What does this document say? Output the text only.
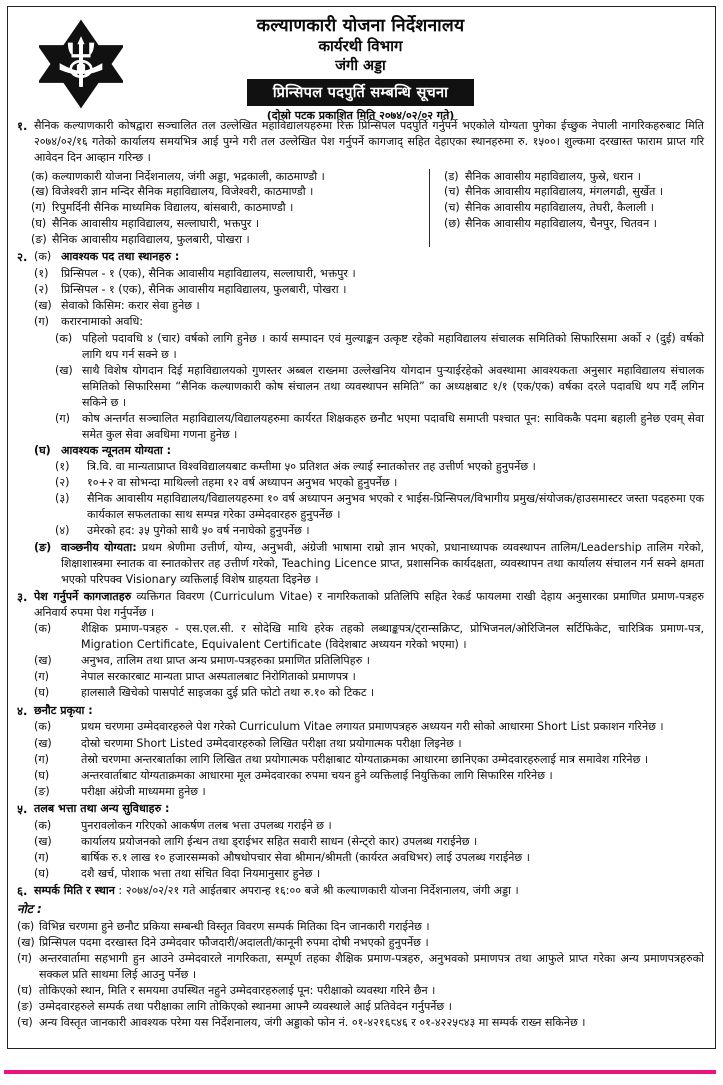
कल्याणकारी योजना निर्देशनालय
कार्यरथी विभाग
जंगी अड्डा
प्रिन्सिपल पदपुर्ति सम्बन्धि सूचना
(दोस्रो पटक प्रकाशित मिति २०७४/०२/०२ गते)
१. सैनिक कल्याणकारी कोषद्वारा सञ्चालित तल उल्लेखित महाविद्यालयहरुमा रिक्त प्रिन्सिपल पदपुर्ति गर्नुपर्ने भएकोले योग्यता पुगेका ईच्छुक नेपाली नागरिकहरुबाट मिति २०७४/०२/१६ गतेको कार्यालय समयभित्र आई पुग्ने गरी तल उल्लेखित पेश गर्नुपर्ने कागजाद् सहित देहाएका स्थानहरुमा रु. १५००। शुल्कमा दरखास्त फाराम प्राप्त गरि आवेदन दिन आव्हान गरिन्छ ।
(क) कल्याणकारी योजना निर्देशनालय, जंगी अड्डा, भद्रकाली, काठमाण्डौ ।
(ख) विजेश्वरी ज्ञान मन्दिर सैनिक महाविद्यालय, विजेश्वरी, काठमाण्डौ ।
(ग) रिपुमर्दिनी सैनिक माध्यमिक विद्यालय, बांसबारी, काठमाण्डौ ।
(घ) सैनिक आवासीय महाविद्यालय, सल्लाघारी, भक्तपुर ।
(ङ) सैनिक आवासीय महाविद्यालय, फुलबारी, पोखरा ।
(ड) सैनिक आवासीय महाविद्यालय, फुस्रे, धरान ।
(च) सैनिक आवासीय महाविद्यालय, मंगलगढी, सुर्खेत ।
(च) सैनिक आवासीय महाविद्यालय, तेघरी, कैलाली ।
(छ) सैनिक आवासीय महाविद्यालय, चैनपुर, चितवन ।
२. (क) आवश्यक पद तथा स्थानहरु :
(१)	प्रिन्सिपल - १ (एक), सैनिक आवासीय महाविद्यालय, सल्लाघारी, भक्तपुर ।
(२)	प्रिन्सिपल - १ (एक), सैनिक आवासीय महाविद्यालय, फुलबारी, पोखरा ।
(ख) सेवाको किसिम: करार सेवा हुनेछ ।
(ग)	करारनामाको अवधि:
(क) पहिलो पदावधि ४ (चार) वर्षको लागि हुनेछ । कार्य सम्पादन एवं मुल्याङ्कन उत्कृष्ट रहेको महाविद्यालय संचालक समितिको सिफारिसमा अर्को २ (दुई) वर्षको लागि थप गर्न सक्ने छ ।
(ख) साथै विशेष योगदान दिई महाविद्यालयको गुणस्तर अब्बल राख्नमा उल्लेखनिय योगदान पुऱ्याईरहेको अवस्थामा आवश्यकता अनुसार महाविद्यालय संचालक समितिको सिफारिसमा “सैनिक कल्याणकारी कोष संचालन तथा व्यवस्थापन समिति” का अध्यक्षबाट १/१ (एक/एक) वर्षका दरले पदावधि थप गर्दै लगिन सकिने छ ।
(ग)	कोष अन्तर्गत सञ्चालित महाविद्यालय/विद्यालयहरुमा कार्यरत शिक्षकहरु छनौट भएमा पदावधि समाप्ती पश्चात पून: सावि‍ककै पदमा बहाली हुनेछ एवम् सेवा समेत कुल सेवा अवधिमा गणना हुनेछ ।
(घ) आवश्यक न्यूनतम योग्यता :
(१)	त्रि.वि. वा मान्यताप्राप्त विश्वविद्यालयबाट कम्तीमा ५० प्रतिशत अंक ल्याई स्नातकोत्तर तह उत्तीर्ण भएको हुनुपर्नेछ ।
(२)	१०+२ वा सोभन्दा माथिल्लो तहमा १२ वर्ष अध्यापन अनुभव भएको हुनुपर्नेछ ।
(३)	सैनिक आवासीय महाविद्यालय/विद्यालयहरुमा १० वर्ष अध्यापन अनुभव भएको र भाईस-प्रिन्सिपल/विभागीय प्रमुख/संयोजक/हाउसमास्टर जस्ता पदहरुमा एक कार्यकाल सफलताका साथ सम्पन्न गरेका उम्मेदवारहरु हुनुपर्नेछ ।
(४)	उमेरको हद: ३५ पुगेको साथै ५० वर्ष ननाघेको हुनुपर्नेछ ।
(ङ) वाञ्छनीय योग्यता: प्रथम श्रेणीमा उत्तीर्ण, योग्य, अनुभवी, अंग्रेजी भाषामा राम्रो ज्ञान भएको, प्रधानाध्यापक व्यवस्थापन तालिम/Leadership तालिम गरेको, शिक्षाशास्त्रमा स्नातक वा स्नातकोत्तर तह उत्तीर्ण गरेको, Teaching Licence प्राप्त, प्रशासनिक कार्यदक्षता, व्यवस्थापन तथा कार्यालय संचालन गर्न सक्ने क्षमता भएको परिपक्व Visionary व्यक्तिलाई विशेष ग्राहयता दिइनेछ ।
३. पेश गर्नुपर्ने कागजातहरु व्यक्तिगत विवरण (Curriculum Vitae) र नागरिकताको प्रतिलिपि सहित रेकर्ड फायलमा राखी देहाय अनुसारका प्रमाणित प्रमाण-पत्रहरु अनिवार्य रुपमा पेश गर्नुपर्नेछ ।
(क)	शैक्षिक प्रमाण-पत्रहरु - एस.एल.सी. र सोदेखि माथि हरेक तहको लब्धाङ्कपत्र/ट्रान्सक्रिप्ट, प्रोभिजनल/ओरिजिनल सर्टिफिकेट, चारित्रिक प्रमाण-पत्र, Migration Certificate, Equivalent Certificate (विदेशबाट अध्ययन गरेको भएमा) ।
(ख)	अनुभव, तालिम तथा प्राप्त अन्य प्रमाण-पत्रहरुका प्रमाणित प्रतिलिपिहरु ।
(ग)	नेपाल सरकारबाट मान्यता प्राप्त अस्पतालबाट निरोगिताको प्रमाणपत्र ।
(घ)	हालसालै खिचेको पासपोर्ट साइजका दुई प्रति फोटो तथा रु.१० को टिकट ।
४. छनौट प्रकृया :
(क)	प्रथम चरणमा उम्मेदवारहरुले पेश गरेको Curriculum Vitae लगायत प्रमाणपत्रहरु अध्ययन गरी सोको आधारमा Short List प्रकाशन गरिनेछ ।
(ख)	दोस्रो चरणमा Short Listed उम्मेदवारहरुको लिखित परीक्षा तथा प्रयोगात्मक परीक्षा लिइनेछ ।
(ग)	तेस्रो चरणमा अन्तरबार्ताका लागि लिखित तथा प्रयोगात्मक परीक्षाबाट योग्यताक्रमका आधारमा छानिएका उम्मेदवारहरुलाई मात्र समावेश गरिनेछ ।
(घ)	अन्तरवार्ताबाट योग्यताक्रमका आधारमा मूल उम्मेदवारका रुपमा चयन हुने व्यक्तिलाई नियुक्तिका लागि सिफारिस गरिनेछ ।
(ङ)	परीक्षा अंग्रेजी माध्यममा हुनेछ ।
५. तलब भत्ता तथा अन्य सुविधाहरु :
(क)	पुनरावलोकन गरिएको आकर्षण तलब भत्ता उपलब्ध गराईने छ ।
(ख)	कार्यालय प्रयोजनको लागि ईन्धन तथा ड्राईभर सहित सवारी साधन (सेन्ट्रो कार) उपलब्ध गराईनेछ ।
(ग)	बार्षिक रु.१ लाख १० हजारसम्मको औषधोपचार सेवा श्रीमान/श्रीमती (कार्यरत अवधिभर) लाई उपलब्ध गराईनेछ ।
(घ)	दशै खर्च, पोशाक भत्ता तथा संचित विदा नियमानुसार हुनेछ ।
६. सम्पर्क मिति र स्थान : २०७४/०२/२१ गते आईतबार अपरान्ह १६:०० बजे श्री कल्याणकारी योजना निर्देशनालय, जंगी अड्डा ।
नोट :
(क) विभिन्न चरणमा हुने छनौट प्रकिया सम्बन्धी विस्तृत विवरण सम्पर्क मितिका दिन जानकारी गराईनेछ ।
(ख) प्रिन्सिपल पदमा दरखास्त दिने उम्मेदवार फौजदारी/अदालती/कानूनी रुपमा दोषी नभएको हुनुपर्नेछ ।
(ग) अन्तरवार्तामा सहभागी हुन आउने उम्मेदवारले नागरिकता, सम्पूर्ण तहका शैक्षिक प्रमाण-पत्रहरु, अनुभवको प्रमाणपत्र तथा आफुले प्राप्त गरेका अन्य प्रमाणपत्रहरुको सक्कल प्रति साथमा लिई आउनु पर्नेछ ।
(घ) तोकिएको स्थान, मिति र समयमा उपस्थित नहुने उम्मेदवारहरुलाई पून: परीक्षाको व्यवस्था गरिने छैन ।
(ङ) उम्मेदवारहरुले सम्पर्क तथा परीक्षाका लागि तोकिएको स्थानमा आफ्नै व्यवस्थाले आई प्रतिवेदन गर्नुपर्नेछ ।
(च) अन्य विस्तृत जानकारी आवश्यक परेमा यस निर्देशनालय, जंगी अड्डाको फोन नं. ०१-४२१६८४६ र ०१-४२२५९४३ मा सम्पर्क राख्न सकिनेछ ।
